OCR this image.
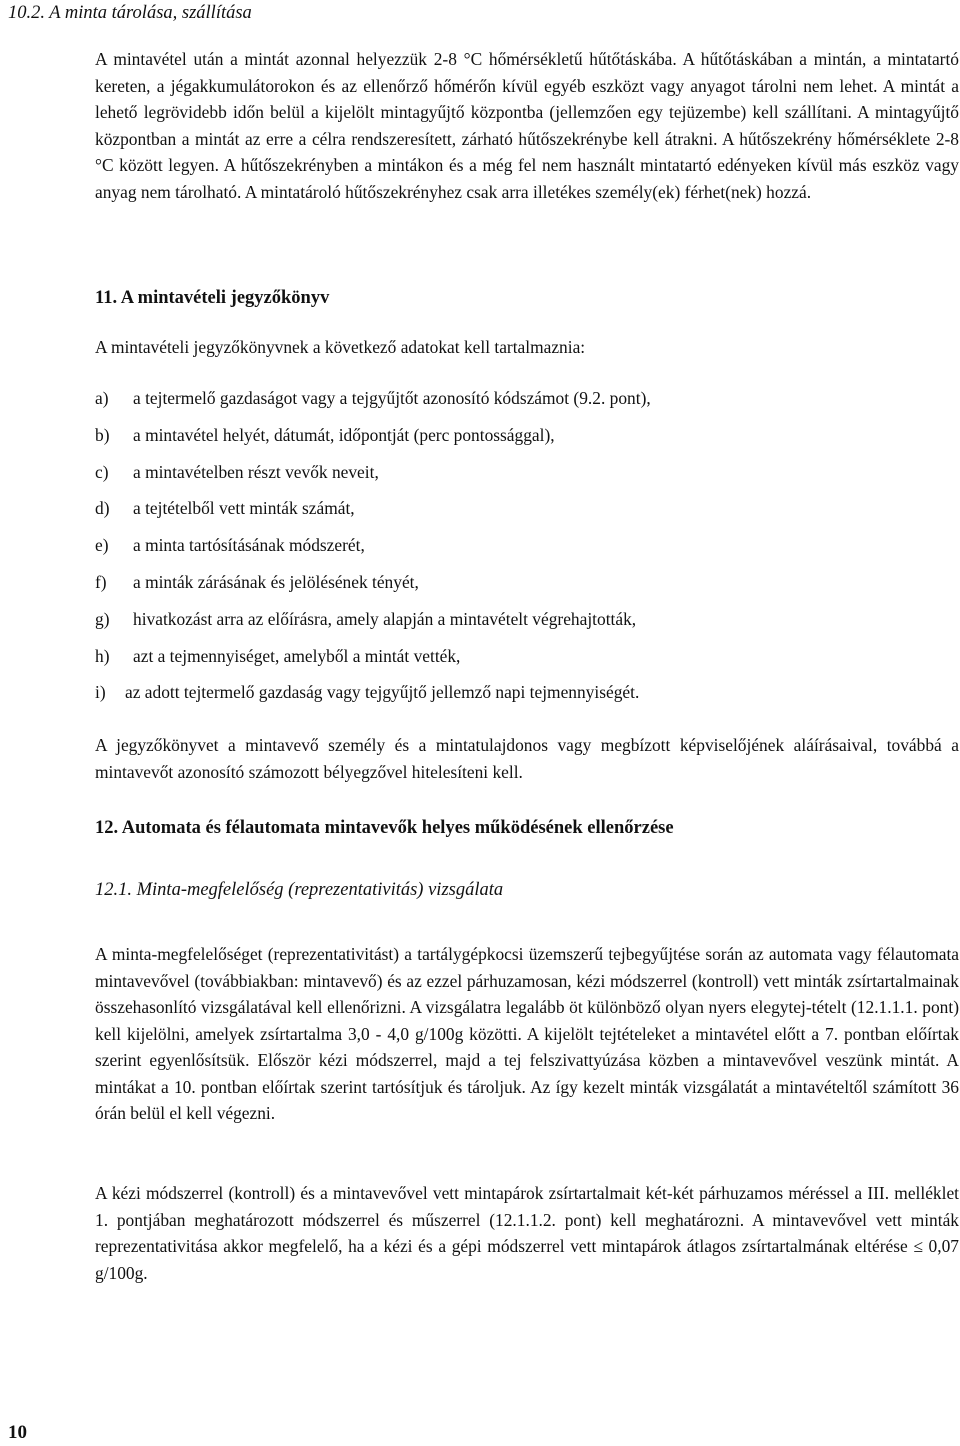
10.2. A minta tárolása, szállítása

A mintavétel után a mintát azonnal helyezzük 2-8 °C hőmérsékletű hűtőtáskába. A hűtőtáskában a mintán, a mintatartó kereten, a jégakkumulátorokon és az ellenőrző hőmérőn kívül egyéb eszközt vagy anyagot tárolni nem lehet. A mintát a lehető legrövidebb időn belül a kijelölt mintagyűjtő központba (jellemzően egy tejüzembe) kell szállítani. A mintagyűjtő központban a mintát az erre a célra rendszeresített, zárható hűtőszekrénybe kell átrakni. A hűtőszekrény hőmérséklete 2-8 °C között legyen. A hűtőszekrényben a mintákon és a még fel nem használt mintatartó edényeken kívül más eszköz vagy anyag nem tárolható. A mintatároló hűtőszekrényhez csak arra illetékes személy(ek) férhet(nek) hozzá.

11. A mintavételi jegyzőkönyv

A mintavételi jegyzőkönyvnek a következő adatokat kell tartalmaznia:

a) a tejtermelő gazdaságot vagy a tejgyűjtőt azonosító kódszámot (9.2. pont),
b) a mintavétel helyét, dátumát, időpontját (perc pontossággal),
c) a mintavételben részt vevők neveit,
d) a tejtételből vett minták számát,
e) a minta tartósításának módszerét,
f) a minták zárásának és jelölésének tényét,
g) hivatkozást arra az előírásra, amely alapján a mintavételt végrehajtották,
h) azt a tejmennyiséget, amelyből a mintát vették,
i) az adott tejtermelő gazdaság vagy tejgyűjtő jellemző napi tejmennyiségét.

A jegyzőkönyvet a mintavevő személy és a mintatulajdonos vagy megbízott képviselőjének aláírásaival, továbbá a mintavevőt azonosító számozott bélyegzővel hitelesíteni kell.

12. Automata és félautomata mintavevők helyes működésének ellenőrzése

12.1. Minta-megfelelőség (reprezentativitás) vizsgálata

A minta-megfelelőséget (reprezentativitást) a tartálygépkocsi üzemszerű tejbegyűjtése során az automata vagy félautomata mintavevővel (továbbiakban: mintavevő) és az ezzel párhuzamosan, kézi módszerrel (kontroll) vett minták zsírtartalmainak összehasonlító vizsgálatával kell ellenőrizni. A vizsgálatra legalább öt különböző olyan nyers elegytej-tételt (12.1.1.1. pont) kell kijelölni, amelyek zsírtartalma 3,0 - 4,0 g/100g közötti. A kijelölt tejtételeket a mintavétel előtt a 7. pontban előírtak szerint egyenlősítsük. Először kézi módszerrel, majd a tej felszivattyúzása közben a mintavevővel veszünk mintát. A mintákat a 10. pontban előírtak szerint tartósítjuk és tároljuk. Az így kezelt minták vizsgálatát a mintavételtől számított 36 órán belül el kell végezni.

A kézi módszerrel (kontroll) és a mintavevővel vett mintapárok zsírtartalmait két-két párhuzamos méréssel a III. melléklet 1. pontjában meghatározott módszerrel és műszerrel (12.1.1.2. pont) kell meghatározni. A mintavevővel vett minták reprezentativitása akkor megfelelő, ha a kézi és a gépi módszerrel vett mintapárok átlagos zsírtartalmának eltérése ≤ 0,07 g/100g.

10
